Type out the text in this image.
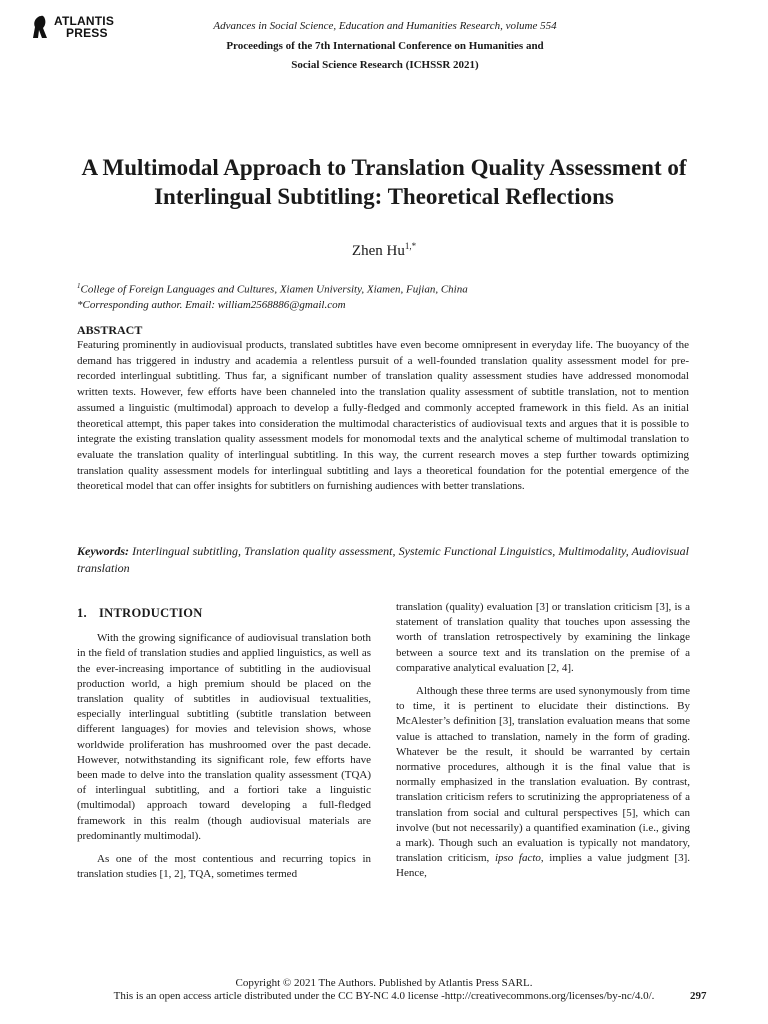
ATLANTIS
PRESS	Advances in Social Science, Education and Humanities Research, volume 554
Proceedings of the 7th International Conference on Humanities and
Social Science Research (ICHSSR 2021)
A Multimodal Approach to Translation Quality Assessment of Interlingual Subtitling: Theoretical Reflections
Zhen $Hu^{1,*}$
$^1$College of Foreign Languages and Cultures, Xiamen University, Xiamen, Fujian, China
*Corresponding author. Email: william2568886@gmail.com
ABSTRACT

Featuring prominently in audiovisual products, translated subtitles have even become omnipresent in everyday life. The buoyancy of the demand has triggered in industry and academia a relentless pursuit of a well-founded translation quality assessment model for pre-recorded interlingual subtitling. Thus far, a significant number of translation quality assessment studies have addressed monomodal written texts. However, few efforts have been channeled into the translation quality assessment of subtitle translation, not to mention assumed a linguistic (multimodal) approach to develop a fully-fledged and commonly accepted framework in this field. As an initial theoretical attempt, this paper takes into consideration the multimodal characteristics of audiovisual texts and argues that it is possible to integrate the existing translation quality assessment models for monomodal texts and the analytical scheme of multimodal translation to evaluate the translation quality of interlingual subtitling. In this way, the current research moves a step further towards optimizing translation quality assessment models for interlingual subtitling and lays a theoretical foundation for the potential emergence of the theoretical model that can offer insights for subtitlers on furnishing audiences with better translations.

Keywords: Interlingual subtitling, Translation quality assessment, Systemic Functional Linguistics, Multimodality, Audiovisual translation

1. INTRODUCTION

With the growing significance of audiovisual translation both in the field of translation studies and applied linguistics, as well as the ever-increasing importance of subtitling in the audiovisual production world, a high premium should be placed on the translation quality of subtitles in audiovisual textualities, especially interlingual subtitling (subtitle translation between different languages) for movies and television shows, whose worldwide proliferation has mushroomed over the past decade. However, notwithstanding its significant role, few efforts have been made to delve into the translation quality assessment (TQA) of interlingual subtitling, and a fortiori take a linguistic (multimodal) approach toward developing a full-fledged framework in this realm (though audiovisual materials are predominantly multimodal).

As one of the most contentious and recurring topics in translation studies [1, 2], TQA, sometimes termed

translation (quality) evaluation [3] or translation criticism [3], is a statement of translation quality that touches upon assessing the worth of translation retrospectively by examining the linkage between a source text and its translation on the premise of a comparative analytical evaluation [2, 4].

Although these three terms are used synonymously from time to time, it is pertinent to elucidate their distinctions. By McAlester’s definition [3], translation evaluation means that some value is attached to translation, namely in the form of grading. Whatever be the result, it should be warranted by certain normative procedures, although it is the final value that is normally emphasized in the translation evaluation. By contrast, translation criticism refers to scrutinizing the appropriateness of a translation from social and cultural perspectives [5], which can involve (but not necessarily) a quantified examination (i.e., giving a mark). Though such an evaluation is typically not mandatory, translation criticism, ipso facto, implies a value judgment [3]. Hence,

Copyright © 2021 The Authors. Published by Atlantis Press SARL.
This is an open access article distributed under the CC BY-NC 4.0 license -http://creativecommons.org/licenses/by-nc/4.0/.	297
